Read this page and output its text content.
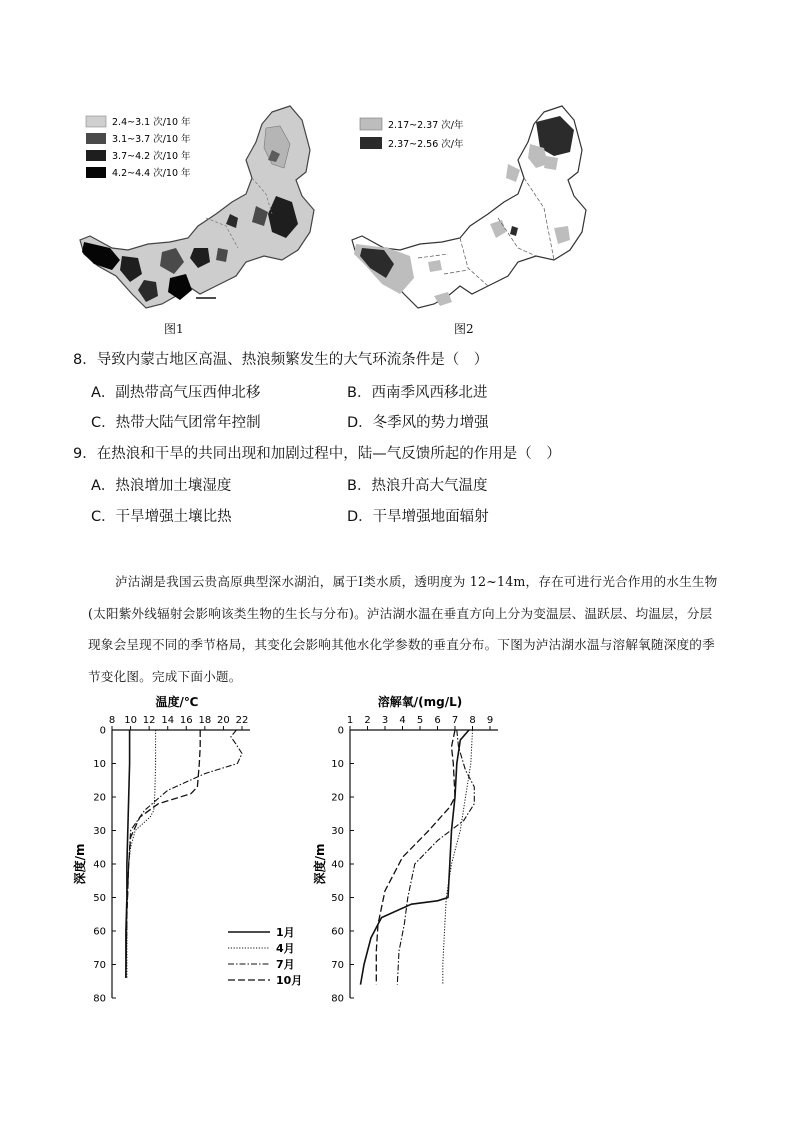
2.4~3.1 次/10 年
3.1~3.7 次/10 年
3.7~4.2 次/10 年
4.2~4.4 次/10 年
图1
2.17~2.37 次/年
2.37~2.56 次/年
图2
8．导致内蒙古地区高温、热浪频繁发生的大气环流条件是（　）
A．副热带高气压西伸北移	B．西南季风西移北进
C．热带大陆气团常年控制	D．冬季风的势力增强
9．在热浪和干旱的共同出现和加剧过程中，陆—气反馈所起的作用是（　）
A．热浪增加土壤湿度	B．热浪升高大气温度
C．干旱增强土壤比热	D．干旱增强地面辐射
泸沽湖是我国云贵高原典型深水湖泊，属于Ⅰ类水质，透明度为 12~14m，存在可进行光合作用的水生生物(太阳紫外线辐射会影响该类生物的生长与分布)。泸沽湖水温在垂直方向上分为变温层、温跃层、均温层，分层现象会呈现不同的季节格局，其变化会影响其他水化学参数的垂直分布。下图为泸沽湖水温与溶解氧随深度的季节变化图。完成下面小题。
温度/℃
8 10 12 14 16 18 20 22
0
10
20
30
40
50
60
70
80
深度/m
1月
4月
7月
10月
溶解氧/(mg/L)
1 2 3 4 5 6 7 8 9
0
10
20
30
40
50
60
70
80
深度/m
